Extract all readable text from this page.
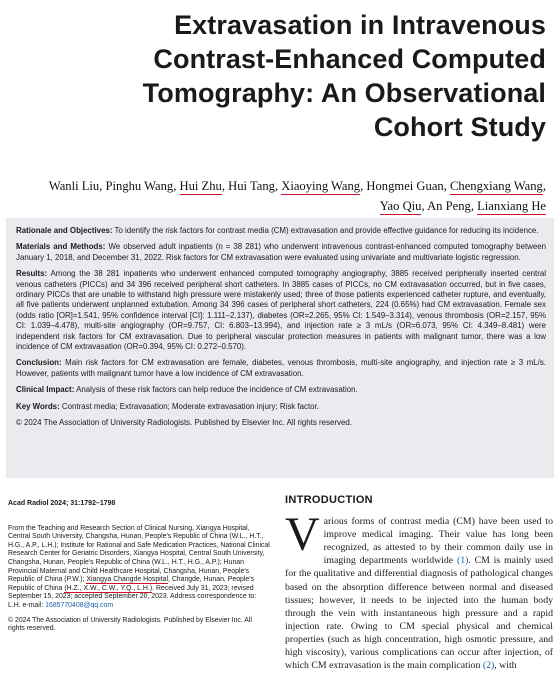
Extravasation in Intravenous
Contrast-Enhanced Computed
Tomography: An Observational
Cohort Study
Wanli Liu, Pinghu Wang, Hui Zhu, Hui Tang, Xiaoying Wang, Hongmei Guan, Chengxiang Wang,
Yao Qiu, An Peng, Lianxiang He

Rationale and Objectives: To identify the risk factors for contrast media (CM) extravasation and provide effective guidance for reducing its incidence.

Materials and Methods: We observed adult inpatients (n = 38 281) who underwent intravenous contrast-enhanced computed tomography between January 1, 2018, and December 31, 2022. Risk factors for CM extravasation were evaluated using univariate and multivariate logistic regression.

Results: Among the 38 281 inpatients who underwent enhanced computed tomography angiography, 3885 received peripherally inserted central venous catheters (PICCs) and 34 396 received peripheral short catheters. In 3885 cases of PICCs, no CM extravasation occurred, but in five cases, ordinary PICCs that are unable to withstand high pressure were mistakenly used; three of those patients experienced catheter rupture, and eventually, all five patients underwent unplanned extubation. Among 34 396 cases of peripheral short catheters, 224 (0.65%) had CM extravasation. Female sex (odds ratio [OR]=1.541, 95% confidence interval [CI]: 1.111–2.137), diabetes (OR=2.265, 95% CI: 1.549–3.314), venous thrombosis (OR=2.157, 95% CI: 1.039–4.478), multi-site angiography (OR=9.757, CI: 6.803–13.994), and injection rate ≥ 3 mL/s (OR=6.073, 95% CI: 4.349–8.481) were independent risk factors for CM extravasation. Due to peripheral vascular protection measures in patients with malignant tumor, there was a low incidence of CM extravasation (OR=0.394, 95% CI: 0.272–0.570).

Conclusion: Main risk factors for CM extravasation are female, diabetes, venous thrombosis, multi-site angiography, and injection rate ≥ 3 mL/s. However, patients with malignant tumor have a low incidence of CM extravasation.

Clinical Impact: Analysis of these risk factors can help reduce the incidence of CM extravasation.

Key Words: Contrast media; Extravasation; Moderate extravasation injury; Risk factor.

© 2024 The Association of University Radiologists. Published by Elsevier Inc. All rights reserved.

Acad Radiol 2024; 31:1792–1798
From the Teaching and Research Section of Clinical Nursing, Xiangya Hospital, Central South University, Changsha, Hunan, People's Republic of China (W.L., H.T., H.G., A.P., L.H.); Institute for Rational and Safe Medication Practices, National Clinical Research Center for Geriatric Disorders, Xiangya Hospital, Central South University, Changsha, Hunan, People's Republic of China (W.L., H.T., H.G., A.P.); Hunan Provincial Maternal and Child Healthcare Hospital, Changsha, Hunan, People's Republic of China (P.W.); Xiangya Changde Hospital, Changde, Hunan, People's Republic of China (H.Z., X.W., C.W., Y.Q., L.H.). Received July 31, 2023; revised September 15, 2023; accepted September 20, 2023. Address correspondence to: L.H. e-mail: 1685770408@qq.com
© 2024 The Association of University Radiologists. Published by Elsevier Inc. All rights reserved.
INTRODUCTION
Various forms of contrast media (CM) have been used to improve medical imaging. Their value has long been recognized, as attested to by their common daily use in imaging departments worldwide (1). CM is mainly used for the qualitative and differential diagnosis of pathological changes based on the absorption difference between normal and diseased tissues; however, it needs to be injected into the human body through the vein with instantaneous high pressure and a rapid injection rate. Owing to CM special physical and chemical properties (such as high concentration, high osmotic pressure, and high viscosity), various complications can occur after injection, of which CM extravasation is the main complication (2), with
